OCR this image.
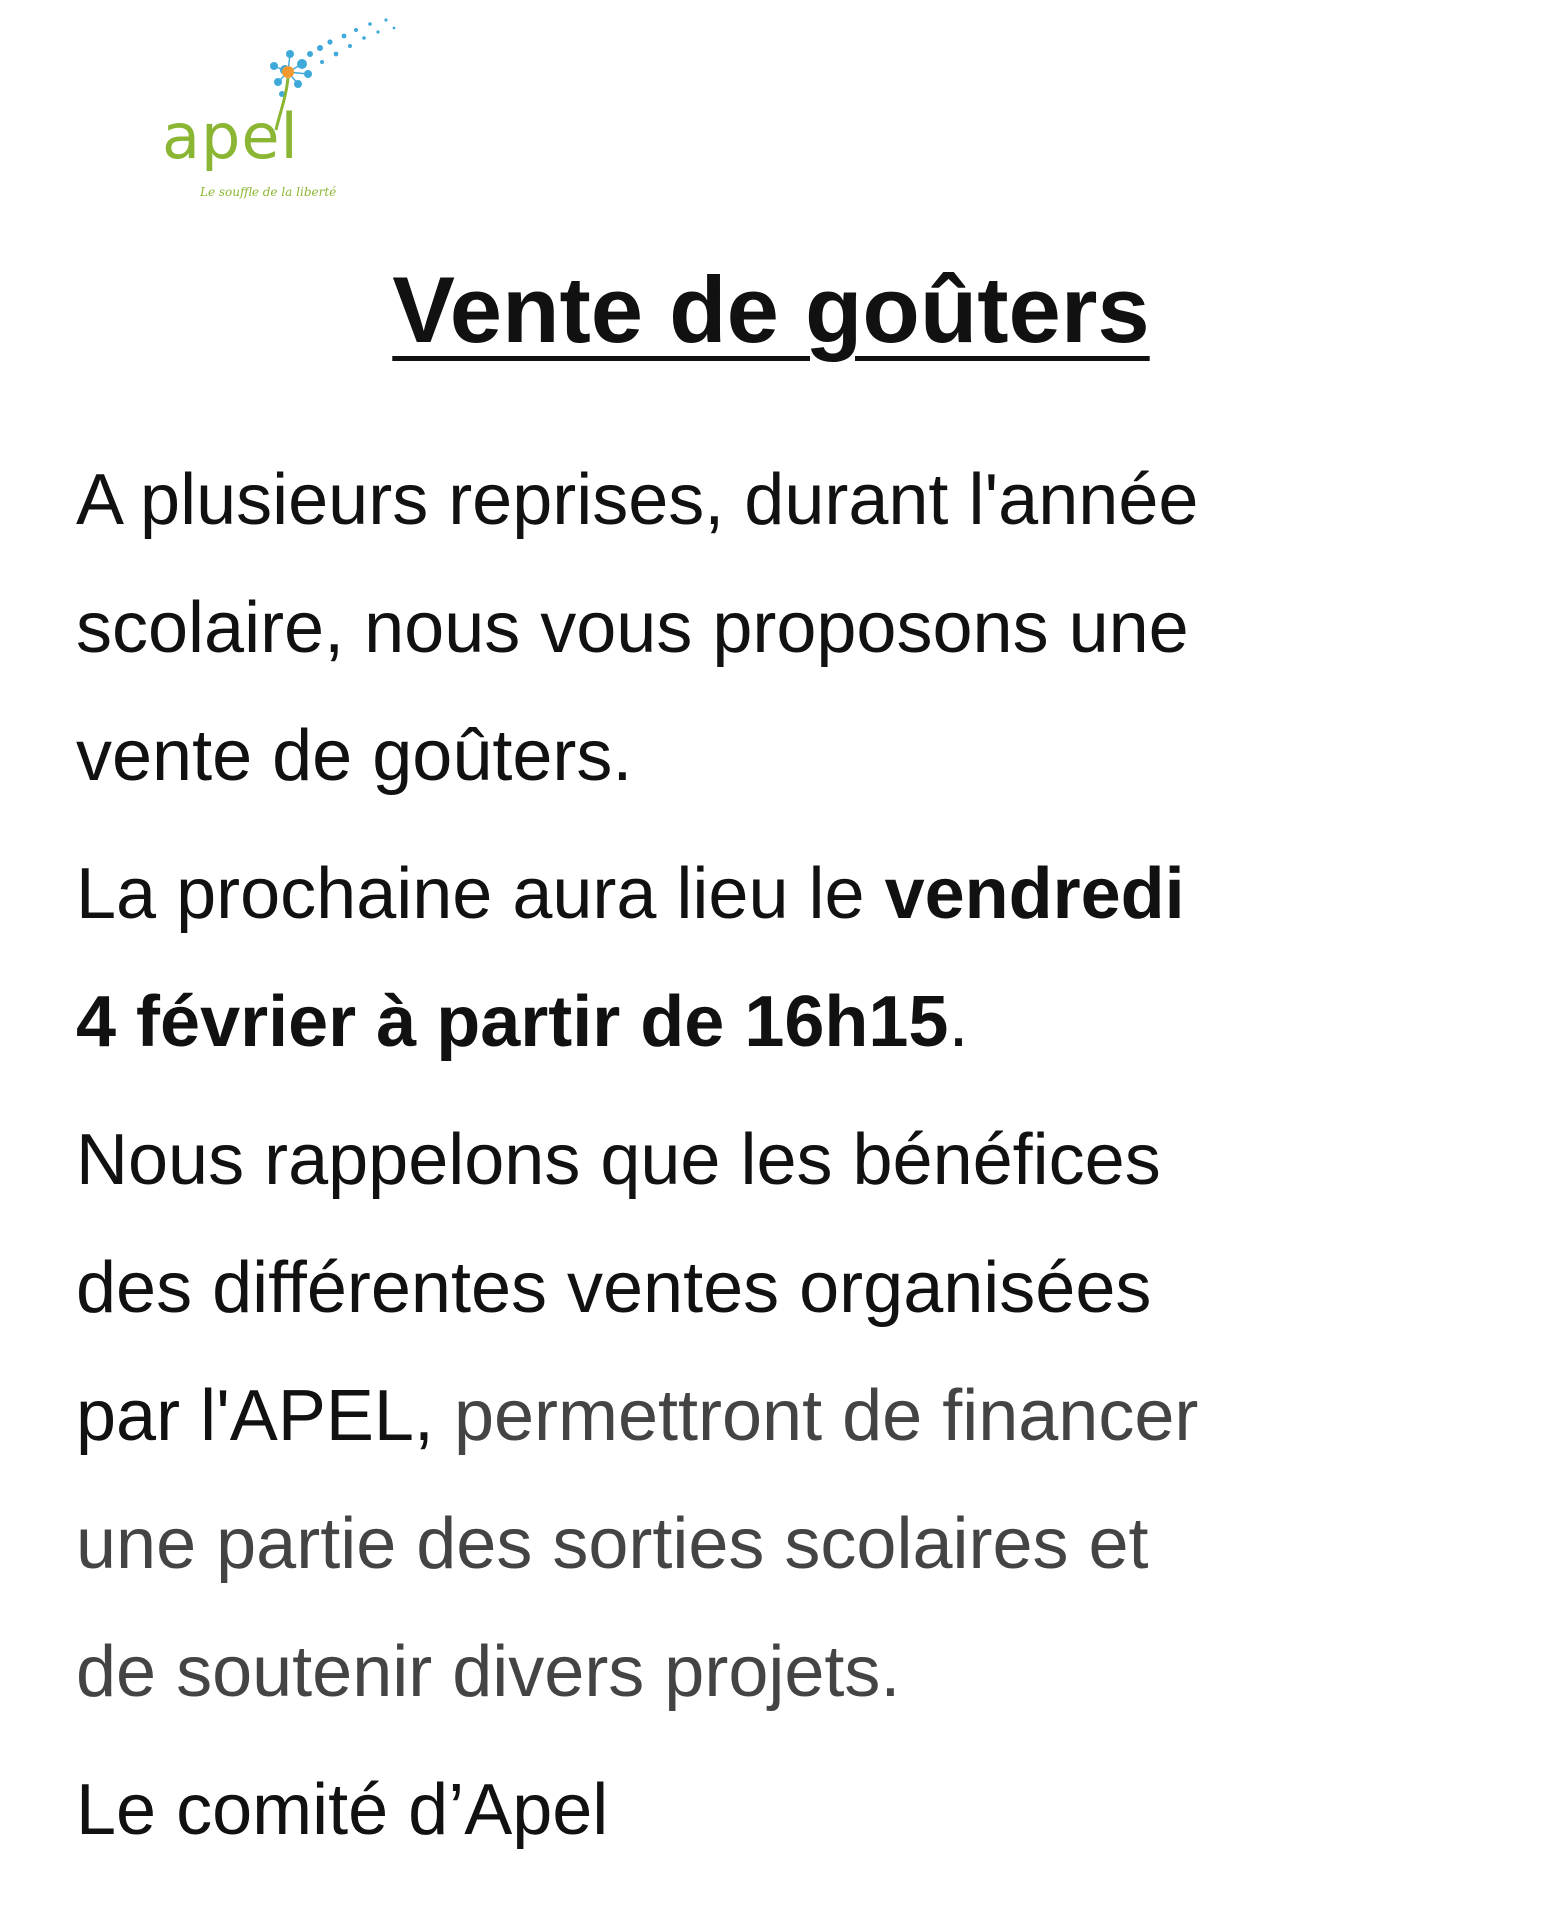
apel
Le souffle de la liberté
Vente de goûters

A plusieurs reprises, durant l'année
scolaire, nous vous proposons une
vente de goûters.

La prochaine aura lieu le vendredi
4 février à partir de 16h15.

Nous rappelons que les bénéfices
des différentes ventes organisées
par l'APEL, permettront de financer
une partie des sorties scolaires et
de soutenir divers projets.

Le comité d’Apel
